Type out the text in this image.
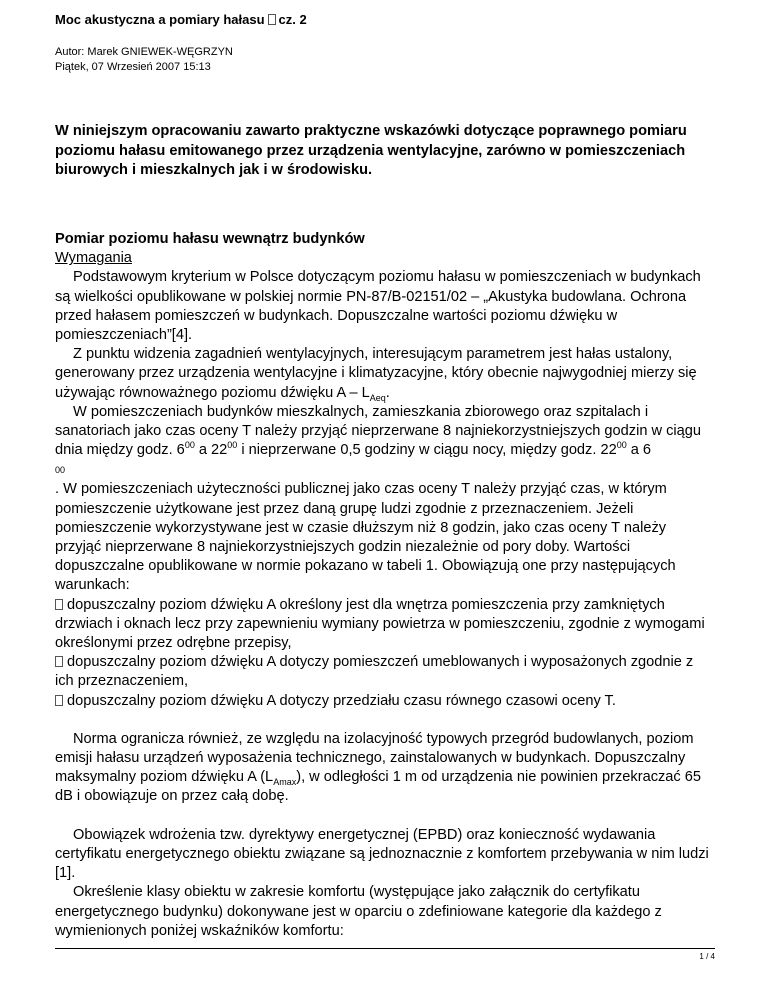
Moc akustyczna a pomiary hałasu cz. 2
Autor: Marek GNIEWEK-WĘGRZYN
Piątek, 07 Wrzesień 2007 15:13
W niniejszym opracowaniu zawarto praktyczne wskazówki dotyczące poprawnego pomiaru poziomu hałasu emitowanego przez urządzenia wentylacyjne, zarówno w pomieszczeniach biurowych i mieszkalnych jak i w środowisku.

Pomiar poziomu hałasu wewnątrz budynków

Wymagania

Podstawowym kryterium w Polsce dotyczącym poziomu hałasu w pomieszczeniach w budynkach są wielkości opublikowane w polskiej normie PN-87/B-02151/02 – „Akustyka budowlana. Ochrona przed hałasem pomieszczeń w budynkach. Dopuszczalne wartości poziomu dźwięku w pomieszczeniach”[4].

Z punktu widzenia zagadnień wentylacyjnych, interesującym parametrem jest hałas ustalony, generowany przez urządzenia wentylacyjne i klimatyzacyjne, który obecnie najwygodniej mierzy się używając równoważnego poziomu dźwięku A – $L_{Aeq}$.

W pomieszczeniach budynków mieszkalnych, zamieszkania zbiorowego oraz szpitalach i sanatoriach jako czas oceny T należy przyjąć nieprzerwane 8 najniekorzystniejszych godzin w ciągu dnia między godz. $6^{00}$ a $22^{00}$ i nieprzerwane 0,5 godziny w ciągu nocy, między godz. $22^{00}$ a 6

00

. W pomieszczeniach użyteczności publicznej jako czas oceny T należy przyjąć czas, w którym pomieszczenie użytkowane jest przez daną grupę ludzi zgodnie z przeznaczeniem. Jeżeli pomieszczenie wykorzystywane jest w czasie dłuższym niż 8 godzin, jako czas oceny T należy przyjąć nieprzerwane 8 najniekorzystniejszych godzin niezależnie od pory doby. Wartości dopuszczalne opublikowane w normie pokazano w tabeli 1. Obowiązują one przy następujących warunkach:

dopuszczalny poziom dźwięku A określony jest dla wnętrza pomieszczenia przy zamkniętych drzwiach i oknach lecz przy zapewnieniu wymiany powietrza w pomieszczeniu, zgodnie z wymogami określonymi przez odrębne przepisy,

dopuszczalny poziom dźwięku A dotyczy pomieszczeń umeblowanych i wyposażonych zgodnie z ich przeznaczeniem,

dopuszczalny poziom dźwięku A dotyczy przedziału czasu równego czasowi oceny T.

Norma ogranicza również, ze względu na izolacyjność typowych przegród budowlanych, poziom emisji hałasu urządzeń wyposażenia technicznego, zainstalowanych w budynkach. Dopuszczalny maksymalny poziom dźwięku A $(L_{Amax})$, w odległości 1 m od urządzenia nie powinien przekraczać 65 dB i obowiązuje on przez całą dobę.

Obowiązek wdrożenia tzw. dyrektywy energetycznej (EPBD) oraz konieczność wydawania certyfikatu energetycznego obiektu związane są jednoznacznie z komfortem przebywania w nim ludzi [1].

Określenie klasy obiektu w zakresie komfortu (występujące jako załącznik do certyfikatu energetycznego budynku) dokonywane jest w oparciu o zdefiniowane kategorie dla każdego z wymienionych poniżej wskaźników komfortu:

1 / 4
